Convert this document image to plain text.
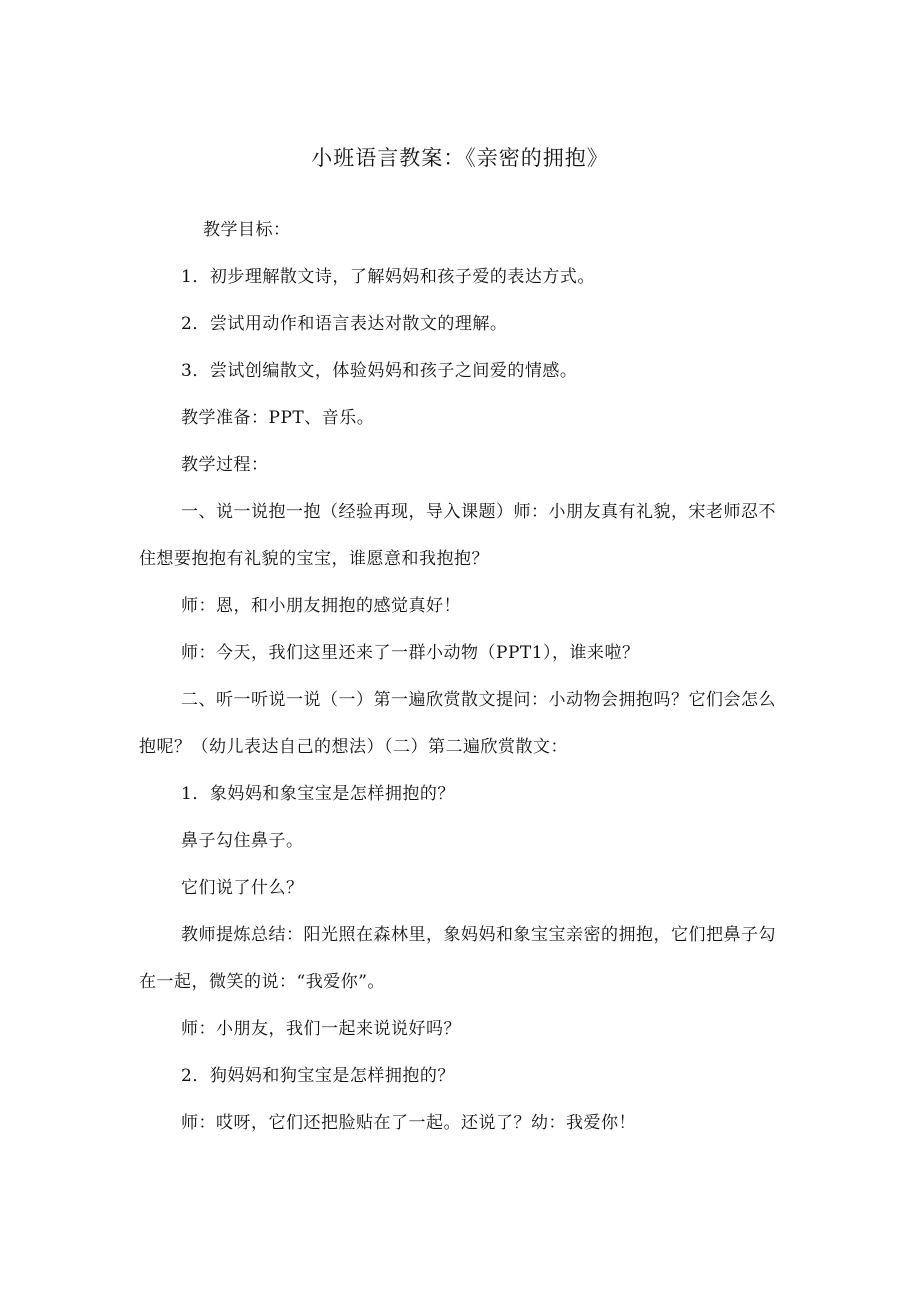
小班语言教案：《亲密的拥抱》

教学目标：

1．初步理解散文诗，了解妈妈和孩子爱的表达方式。

2．尝试用动作和语言表达对散文的理解。

3．尝试创编散文，体验妈妈和孩子之间爱的情感。

教学准备：PPT、音乐。

教学过程：

一、说一说抱一抱（经验再现，导入课题）师：小朋友真有礼貌，宋老师忍不住想要抱抱有礼貌的宝宝，谁愿意和我抱抱？

师：恩，和小朋友拥抱的感觉真好！

师：今天，我们这里还来了一群小动物（PPT1），谁来啦？

二、听一听说一说（一）第一遍欣赏散文提问：小动物会拥抱吗？它们会怎么抱呢？（幼儿表达自己的想法）（二）第二遍欣赏散文：

1．象妈妈和象宝宝是怎样拥抱的？

鼻子勾住鼻子。

它们说了什么？

教师提炼总结：阳光照在森林里，象妈妈和象宝宝亲密的拥抱，它们把鼻子勾在一起，微笑的说：“我爱你”。

师：小朋友，我们一起来说说好吗？

2．狗妈妈和狗宝宝是怎样拥抱的？

师：哎呀，它们还把脸贴在了一起。还说了？幼：我爱你！
